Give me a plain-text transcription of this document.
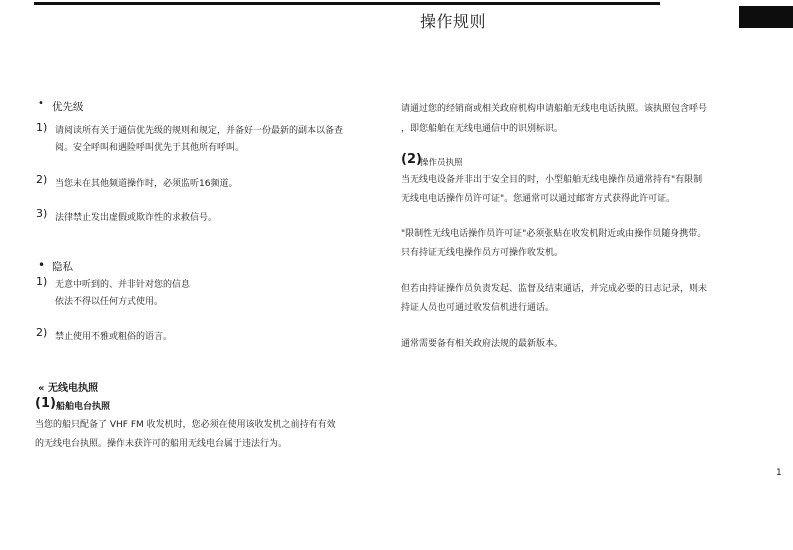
操作规则
• 优先级
1) 请阅读所有关于通信优先级的规则和规定，并备好一份最新的副本以备查
阅。安全呼叫和遇险呼叫优先于其他所有呼叫。
2) 当您未在其他频道操作时，必须监听16频道。
3) 法律禁止发出虚假或欺诈性的求救信号。
• 隐私
1) 无意中听到的、并非针对您的信息
依法不得以任何方式使用。
2) 禁止使用不雅或粗俗的语言。
« 无线电执照
(1) 船舶电台执照
当您的船只配备了 VHF FM 收发机时，您必须在使用该收发机之前持有有效
的无线电台执照。操作未获许可的船用无线电台属于违法行为。
请通过您的经销商或相关政府机构申请船舶无线电电话执照。该执照包含呼号
，即您船舶在无线电通信中的识别标识。
(2)
操作员执照
当无线电设备并非出于安全目的时，小型船舶无线电操作员通常持有"有限制
无线电电话操作员许可证"。您通常可以通过邮寄方式获得此许可证。
"限制性无线电话操作员许可证"必须张贴在收发机附近或由操作员随身携带。
只有持证无线电操作员方可操作收发机。
但若由持证操作员负责发起、监督及结束通话，并完成必要的日志记录，则未
持证人员也可通过收发信机进行通话。
通常需要备有相关政府法规的最新版本。
1
